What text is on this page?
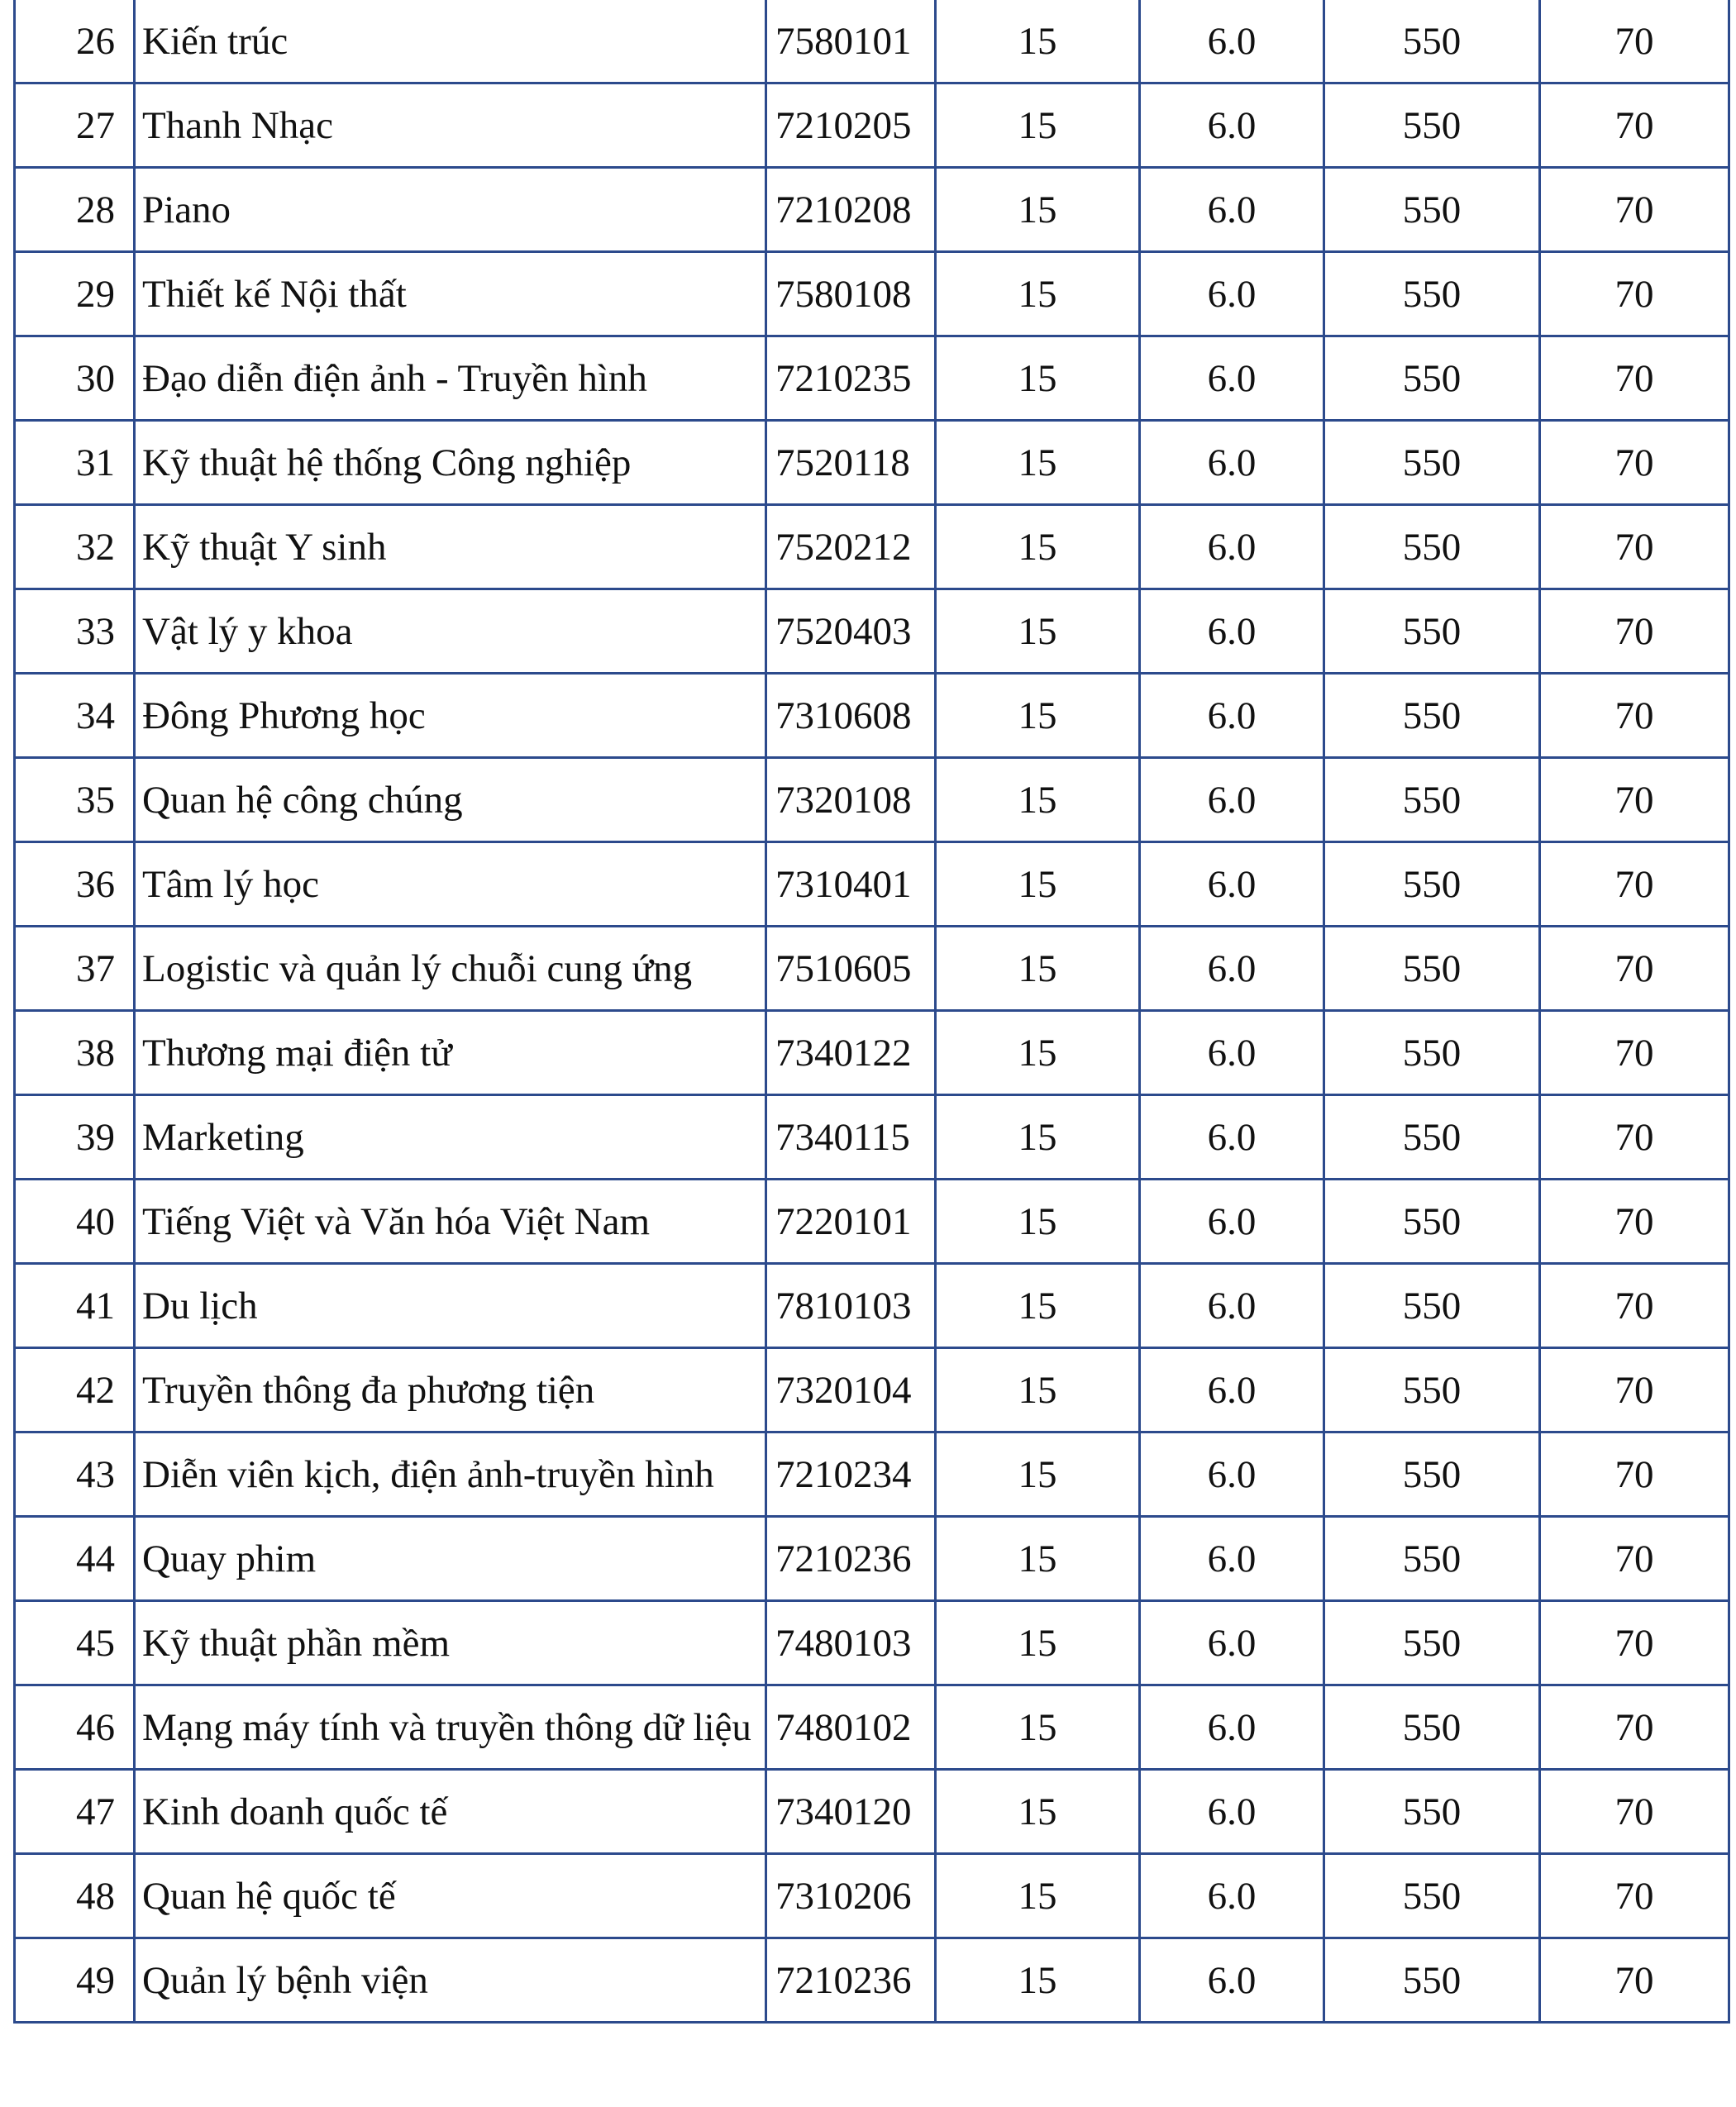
26	Kiến trúc	7580101	15	6.0	550	70
27	Thanh Nhạc	7210205	15	6.0	550	70
28	Piano	7210208	15	6.0	550	70
29	Thiết kế Nội thất	7580108	15	6.0	550	70
30	Đạo diễn điện ảnh - Truyền hình	7210235	15	6.0	550	70
31	Kỹ thuật hệ thống Công nghiệp	7520118	15	6.0	550	70
32	Kỹ thuật Y sinh	7520212	15	6.0	550	70
33	Vật lý y khoa	7520403	15	6.0	550	70
34	Đông Phương học	7310608	15	6.0	550	70
35	Quan hệ công chúng	7320108	15	6.0	550	70
36	Tâm lý học	7310401	15	6.0	550	70
37	Logistic và quản lý chuỗi cung ứng	7510605	15	6.0	550	70
38	Thương mại điện tử	7340122	15	6.0	550	70
39	Marketing	7340115	15	6.0	550	70
40	Tiếng Việt và Văn hóa Việt Nam	7220101	15	6.0	550	70
41	Du lịch	7810103	15	6.0	550	70
42	Truyền thông đa phương tiện	7320104	15	6.0	550	70
43	Diễn viên kịch, điện ảnh-truyền hình	7210234	15	6.0	550	70
44	Quay phim	7210236	15	6.0	550	70
45	Kỹ thuật phần mềm	7480103	15	6.0	550	70
46	Mạng máy tính và truyền thông dữ liệu	7480102	15	6.0	550	70
47	Kinh doanh quốc tế	7340120	15	6.0	550	70
48	Quan hệ quốc tế	7310206	15	6.0	550	70
49	Quản lý bệnh viện	7210236	15	6.0	550	70
